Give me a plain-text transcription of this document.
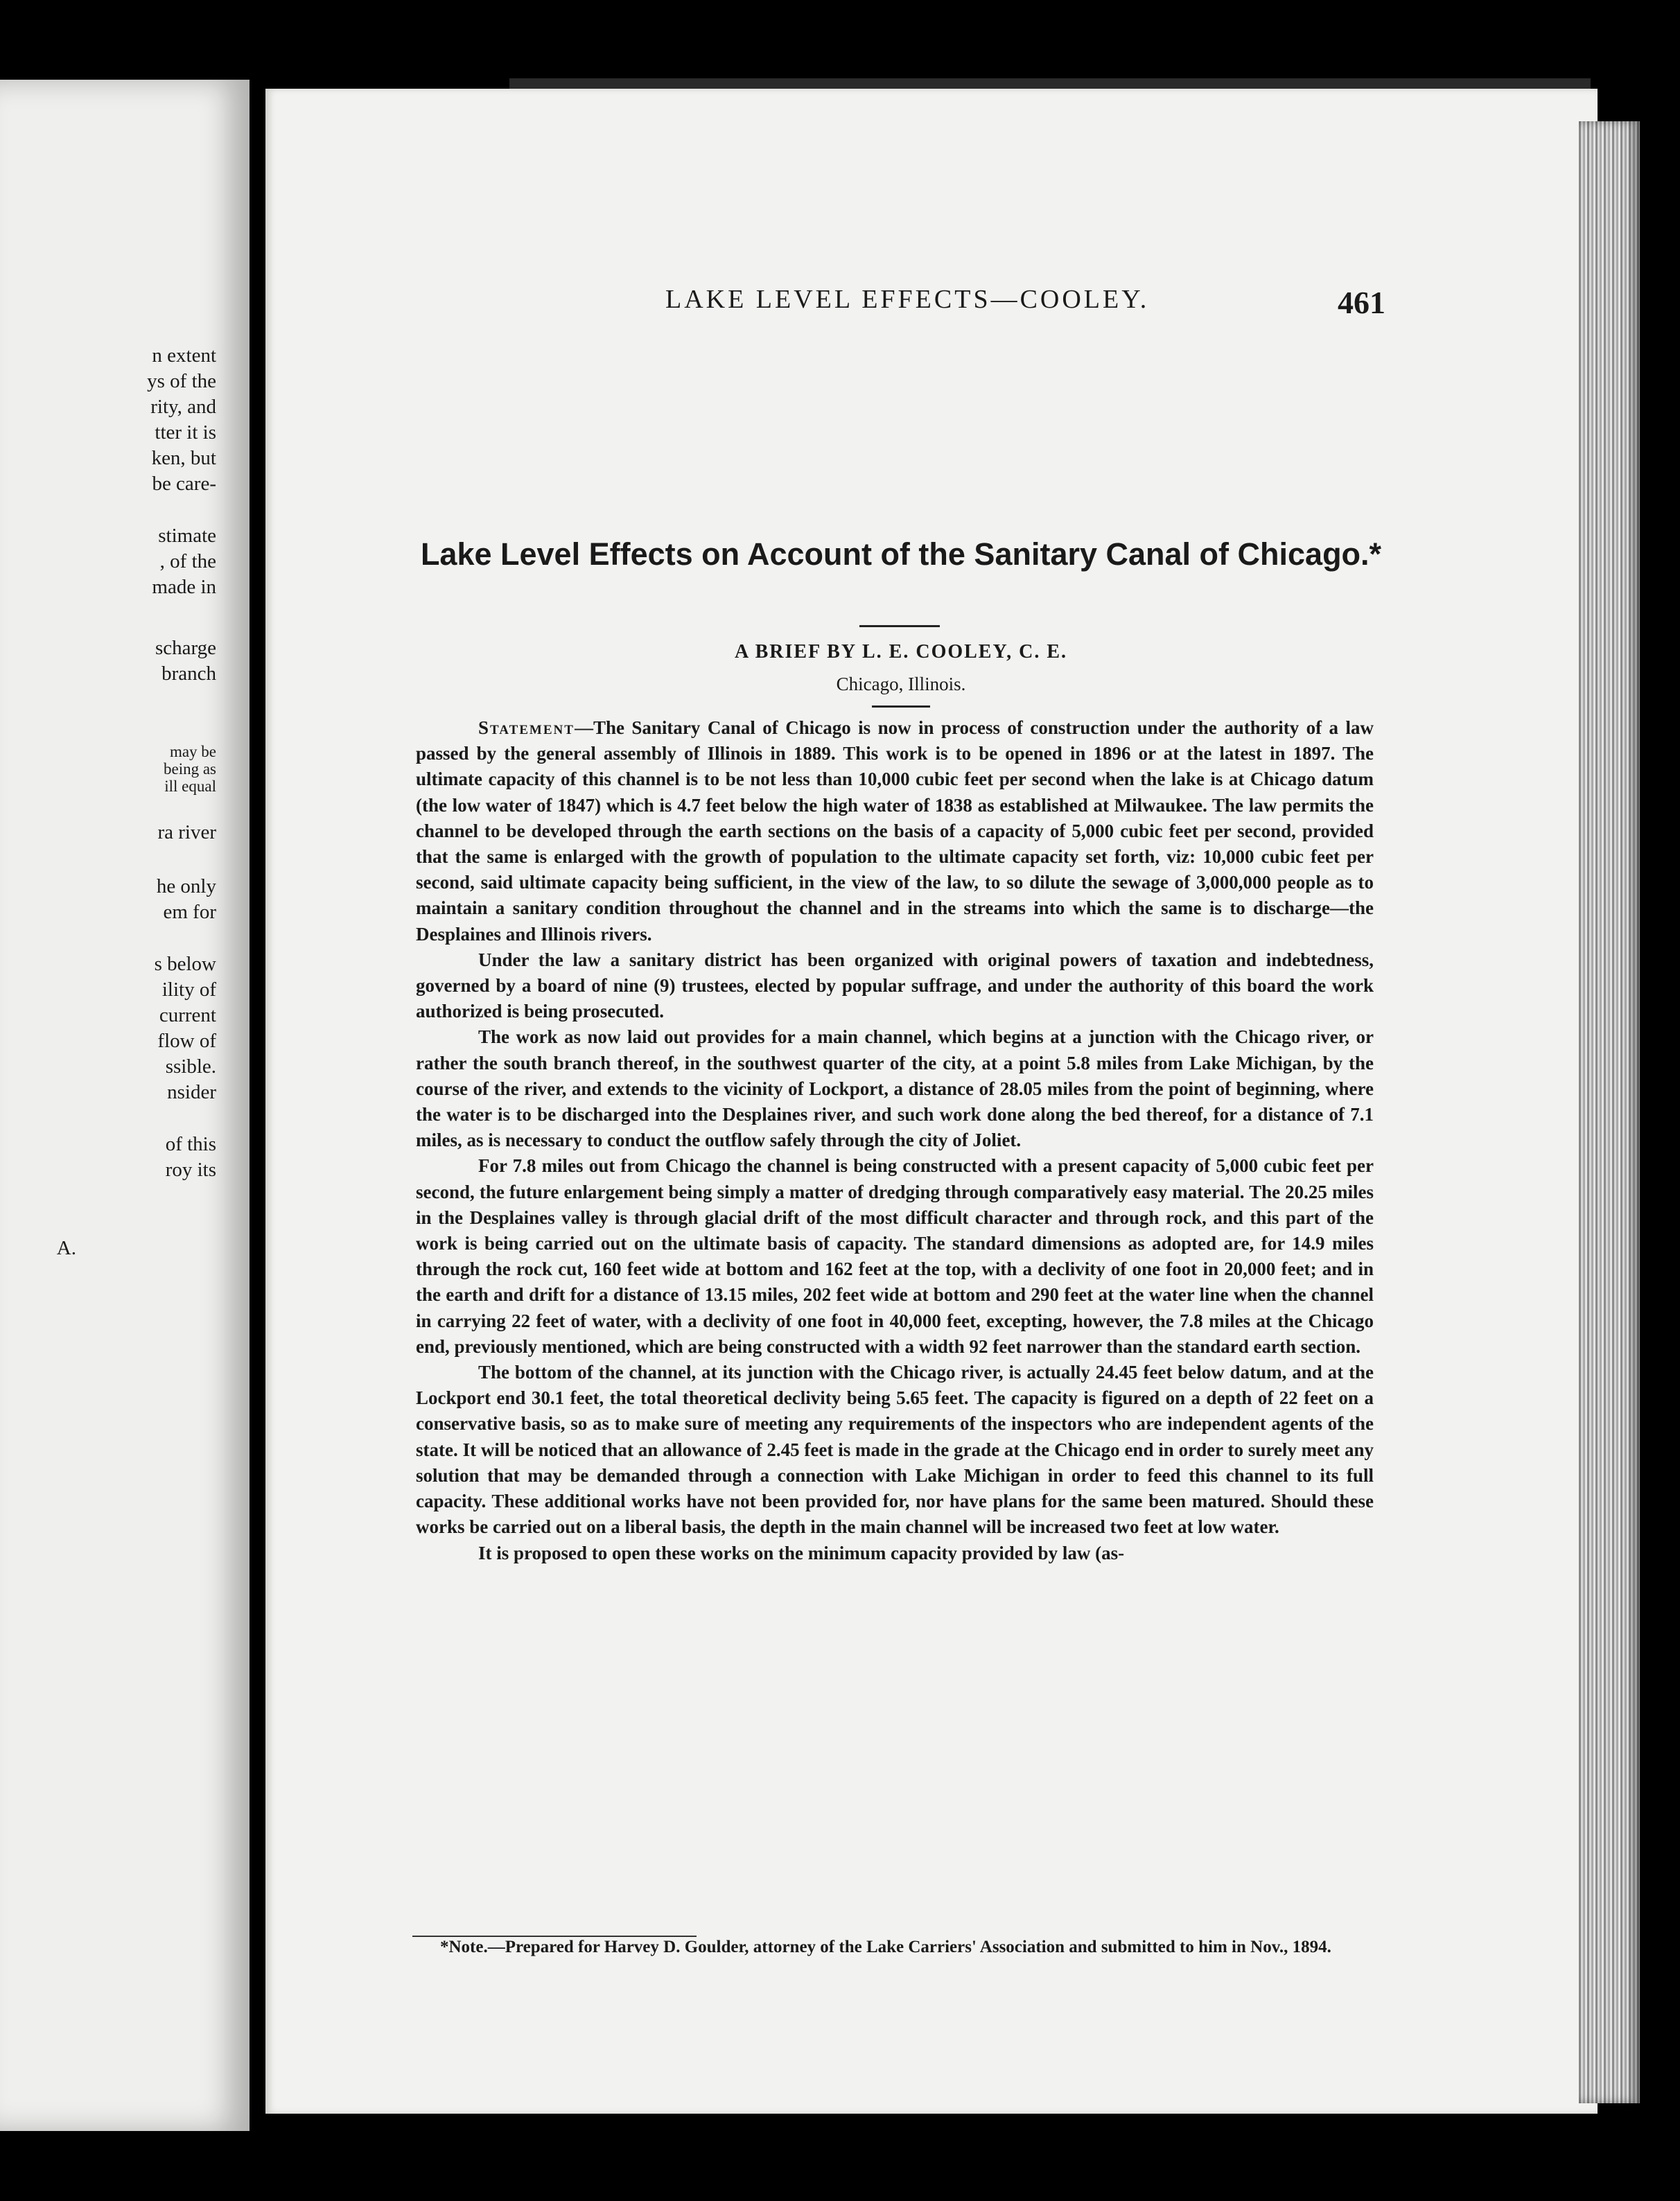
n extent
ys of the
rity, and
tter it is
ken, but
be care-
stimate
, of the
made in
scharge
branch
may be
being as
ill equal
ra river
he only
em for
s below
ility of
current
flow of
ssible.
nsider
of this
roy its
A.
LAKE LEVEL EFFECTS—COOLEY.	461
Lake Level Effects on Account of the Sanitary Canal of Chicago.*
A BRIEF BY L. E. COOLEY, C. E.
Chicago, Illinois.

Statement—The Sanitary Canal of Chicago is now in process of construction under the authority of a law passed by the general assembly of Illinois in 1889. This work is to be opened in 1896 or at the latest in 1897. The ultimate capacity of this channel is to be not less than 10,000 cubic feet per second when the lake is at Chicago datum (the low water of 1847) which is 4.7 feet below the high water of 1838 as established at Milwaukee. The law permits the channel to be developed through the earth sections on the basis of a capacity of 5,000 cubic feet per second, provided that the same is enlarged with the growth of population to the ultimate capacity set forth, viz: 10,000 cubic feet per second, said ultimate capacity being sufficient, in the view of the law, to so dilute the sewage of 3,000,000 people as to maintain a sanitary condition throughout the channel and in the streams into which the same is to discharge—the Desplaines and Illinois rivers.

Under the law a sanitary district has been organized with original powers of taxation and indebtedness, governed by a board of nine (9) trustees, elected by popular suffrage, and under the authority of this board the work authorized is being prosecuted.

The work as now laid out provides for a main channel, which begins at a junction with the Chicago river, or rather the south branch thereof, in the southwest quarter of the city, at a point 5.8 miles from Lake Michigan, by the course of the river, and extends to the vicinity of Lockport, a distance of 28.05 miles from the point of beginning, where the water is to be discharged into the Desplaines river, and such work done along the bed thereof, for a distance of 7.1 miles, as is necessary to conduct the outflow safely through the city of Joliet.

For 7.8 miles out from Chicago the channel is being constructed with a present capacity of 5,000 cubic feet per second, the future enlargement being simply a matter of dredging through comparatively easy material. The 20.25 miles in the Desplaines valley is through glacial drift of the most difficult character and through rock, and this part of the work is being carried out on the ultimate basis of capacity. The standard dimensions as adopted are, for 14.9 miles through the rock cut, 160 feet wide at bottom and 162 feet at the top, with a declivity of one foot in 20,000 feet; and in the earth and drift for a distance of 13.15 miles, 202 feet wide at bottom and 290 feet at the water line when the channel in carrying 22 feet of water, with a declivity of one foot in 40,000 feet, excepting, however, the 7.8 miles at the Chicago end, previously mentioned, which are being constructed with a width 92 feet narrower than the standard earth section.

The bottom of the channel, at its junction with the Chicago river, is actually 24.45 feet below datum, and at the Lockport end 30.1 feet, the total theoretical declivity being 5.65 feet. The capacity is figured on a depth of 22 feet on a conservative basis, so as to make sure of meeting any requirements of the inspectors who are independent agents of the state. It will be noticed that an allowance of 2.45 feet is made in the grade at the Chicago end in order to surely meet any solution that may be demanded through a connection with Lake Michigan in order to feed this channel to its full capacity. These additional works have not been provided for, nor have plans for the same been matured. Should these works be carried out on a liberal basis, the depth in the main channel will be increased two feet at low water.

It is proposed to open these works on the minimum capacity provided by law (as-

*Note.—Prepared for Harvey D. Goulder, attorney of the Lake Carriers' Association and submitted to him in Nov., 1894.
